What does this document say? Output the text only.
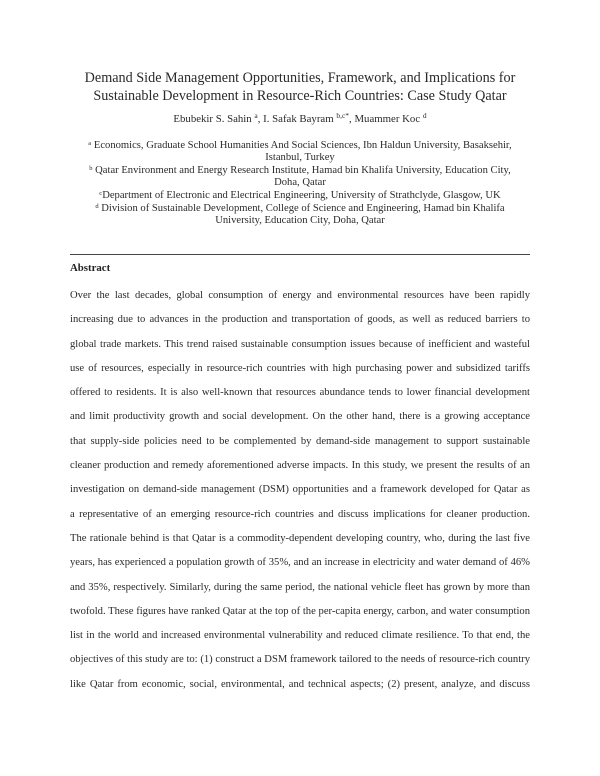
Demand Side Management Opportunities, Framework, and Implications for
Sustainable Development in Resource-Rich Countries: Case Study Qatar
Ebubekir S. Sahin $^a$, I. Safak Bayram $^{b,c*}$, Muammer Koc $^d$
$^a$ Economics, Graduate School Humanities And Social Sciences, Ibn Haldun University, Basaksehir,
Istanbul, Turkey
$^b$ Qatar Environment and Energy Research Institute, Hamad bin Khalifa University, Education City,
Doha, Qatar
$^c$Department of Electronic and Electrical Engineering, University of Strathclyde, Glasgow, UK
$^d$ Division of Sustainable Development, College of Science and Engineering, Hamad bin Khalifa
University, Education City, Doha, Qatar
Abstract
Over the last decades, global consumption of energy and environmental resources have been rapidly
increasing due to advances in the production and transportation of goods, as well as reduced barriers to
global trade markets. This trend raised sustainable consumption issues because of inefficient and wasteful
use of resources, especially in resource-rich countries with high purchasing power and subsidized tariffs
offered to residents. It is also well-known that resources abundance tends to lower financial development
and limit productivity growth and social development. On the other hand, there is a growing acceptance
that supply-side policies need to be complemented by demand-side management to support sustainable
cleaner production and remedy aforementioned adverse impacts. In this study, we present the results of an
investigation on demand-side management (DSM) opportunities and a framework developed for Qatar as
a representative of an emerging resource-rich countries and discuss implications for cleaner production.
The rationale behind is that Qatar is a commodity-dependent developing country, who, during the last five
years, has experienced a population growth of 35%, and an increase in electricity and water demand of 46%
and 35%, respectively. Similarly, during the same period, the national vehicle fleet has grown by more than
twofold. These figures have ranked Qatar at the top of the per-capita energy, carbon, and water consumption
list in the world and increased environmental vulnerability and reduced climate resilience. To that end, the
objectives of this study are to: (1) construct a DSM framework tailored to the needs of resource-rich country
like Qatar from economic, social, environmental, and technical aspects; (2) present, analyze, and discuss
